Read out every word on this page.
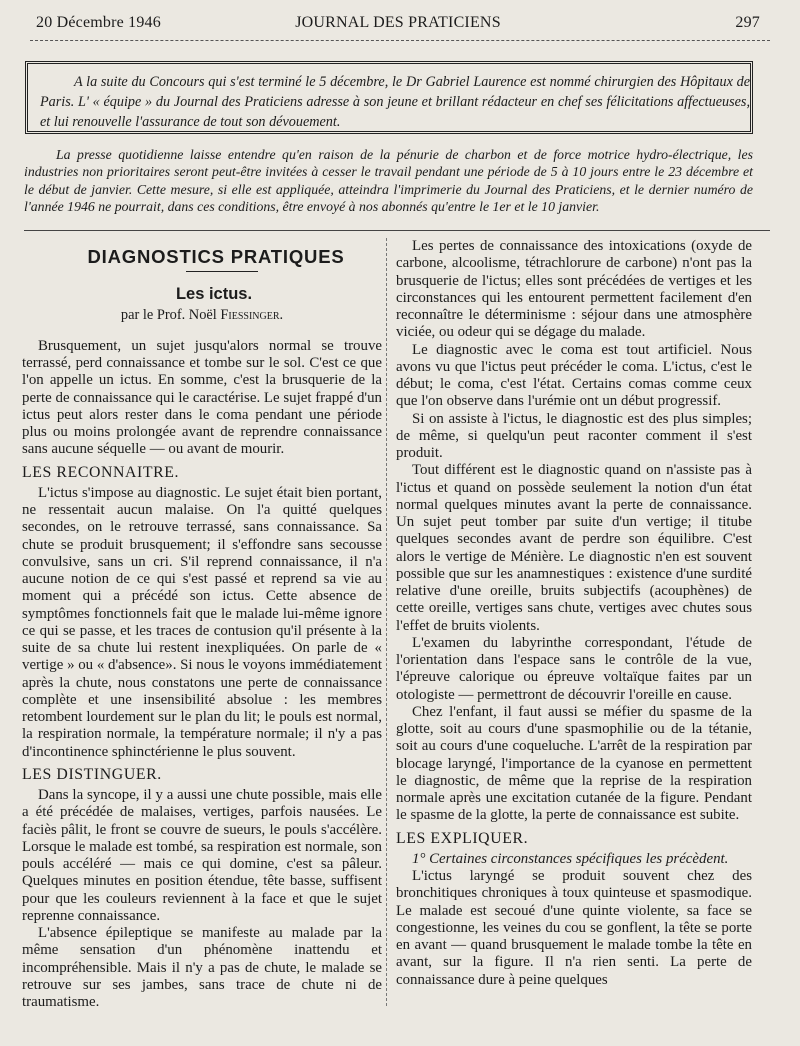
20 Décembre 1946	JOURNAL DES PRATICIENS	297

A la suite du Concours qui s'est terminé le 5 décembre, le Dr Gabriel Laurence est nommé chirurgien des Hôpitaux de Paris. L' « équipe » du Journal des Praticiens adresse à son jeune et brillant rédacteur en chef ses félicitations affectueuses, et lui renouvelle l'assurance de tout son dévouement.

La presse quotidienne laisse entendre qu'en raison de la pénurie de charbon et de force motrice hydro-électrique, les industries non prioritaires seront peut-être invitées à cesser le travail pendant une période de 5 à 10 jours entre le 23 décembre et le début de janvier. Cette mesure, si elle est appliquée, atteindra l'imprimerie du Journal des Praticiens, et le dernier numéro de l'année 1946 ne pourrait, dans ces conditions, être envoyé à nos abonnés qu'entre le 1er et le 10 janvier.

DIAGNOSTICS PRATIQUES
Les ictus.
par le Prof. Noël Fiessinger.

Brusquement, un sujet jusqu'alors normal se trouve terrassé, perd connaissance et tombe sur le sol. C'est ce que l'on appelle un ictus. En somme, c'est la brusquerie de la perte de connaissance qui le caractérise. Le sujet frappé d'un ictus peut alors rester dans le coma pendant une période plus ou moins prolongée avant de reprendre connaissance sans aucune séquelle — ou avant de mourir.

LES RECONNAITRE.

L'ictus s'impose au diagnostic. Le sujet était bien portant, ne ressentait aucun malaise. On l'a quitté quelques secondes, on le retrouve terrassé, sans connaissance. Sa chute se produit brusquement; il s'effondre sans secousse convulsive, sans un cri. S'il reprend connaissance, il n'a aucune notion de ce qui s'est passé et reprend sa vie au moment qui a précédé son ictus. Cette absence de symptômes fonctionnels fait que le malade lui-même ignore ce qui se passe, et les traces de contusion qu'il présente à la suite de sa chute lui restent inexpliquées. On parle de « vertige » ou « d'absence». Si nous le voyons immédiatement après la chute, nous constatons une perte de connaissance complète et une insensibilité absolue : les membres retombent lourdement sur le plan du lit; le pouls est normal, la respiration normale, la température normale; il n'y a pas d'incontinence sphinctérienne le plus souvent.

LES DISTINGUER.

Dans la syncope, il y a aussi une chute possible, mais elle a été précédée de malaises, vertiges, parfois nausées. Le faciès pâlit, le front se couvre de sueurs, le pouls s'accélère. Lorsque le malade est tombé, sa respiration est normale, son pouls accéléré — mais ce qui domine, c'est sa pâleur. Quelques minutes en position étendue, tête basse, suffisent pour que les couleurs reviennent à la face et que le sujet reprenne connaissance.

L'absence épileptique se manifeste au malade par la même sensation d'un phénomène inattendu et incompréhensible. Mais il n'y a pas de chute, le malade se retrouve sur ses jambes, sans trace de chute ni de traumatisme.

Les pertes de connaissance des intoxications (oxyde de carbone, alcoolisme, tétrachlorure de carbone) n'ont pas la brusquerie de l'ictus; elles sont précédées de vertiges et les circonstances qui les entourent permettent facilement d'en reconnaître le déterminisme : séjour dans une atmosphère viciée, ou odeur qui se dégage du malade.

Le diagnostic avec le coma est tout artificiel. Nous avons vu que l'ictus peut précéder le coma. L'ictus, c'est le début; le coma, c'est l'état. Certains comas comme ceux que l'on observe dans l'urémie ont un début progressif.

Si on assiste à l'ictus, le diagnostic est des plus simples; de même, si quelqu'un peut raconter comment il s'est produit.

Tout différent est le diagnostic quand on n'assiste pas à l'ictus et quand on possède seulement la notion d'un état normal quelques minutes avant la perte de connaissance. Un sujet peut tomber par suite d'un vertige; il titube quelques secondes avant de perdre son équilibre. C'est alors le vertige de Ménière. Le diagnostic n'en est souvent possible que sur les anamnestiques : existence d'une surdité relative d'une oreille, bruits subjectifs (acouphènes) de cette oreille, vertiges sans chute, vertiges avec chutes sous l'effet de bruits violents.

L'examen du labyrinthe correspondant, l'étude de l'orientation dans l'espace sans le contrôle de la vue, l'épreuve calorique ou épreuve voltaïque faites par un otologiste — permettront de découvrir l'oreille en cause.

Chez l'enfant, il faut aussi se méfier du spasme de la glotte, soit au cours d'une spasmophilie ou de la tétanie, soit au cours d'une coqueluche. L'arrêt de la respiration par blocage laryngé, l'importance de la cyanose en permettent le diagnostic, de même que la reprise de la respiration normale après une excitation cutanée de la figure. Pendant le spasme de la glotte, la perte de connaissance est subite.

LES EXPLIQUER.

1° Certaines circonstances spécifiques les précèdent.

L'ictus laryngé se produit souvent chez des bronchitiques chroniques à toux quinteuse et spasmodique. Le malade est secoué d'une quinte violente, sa face se congestionne, les veines du cou se gonflent, la tête se porte en avant — quand brusquement le malade tombe la tête en avant, sur la figure. Il n'a rien senti. La perte de connaissance dure à peine quelques
